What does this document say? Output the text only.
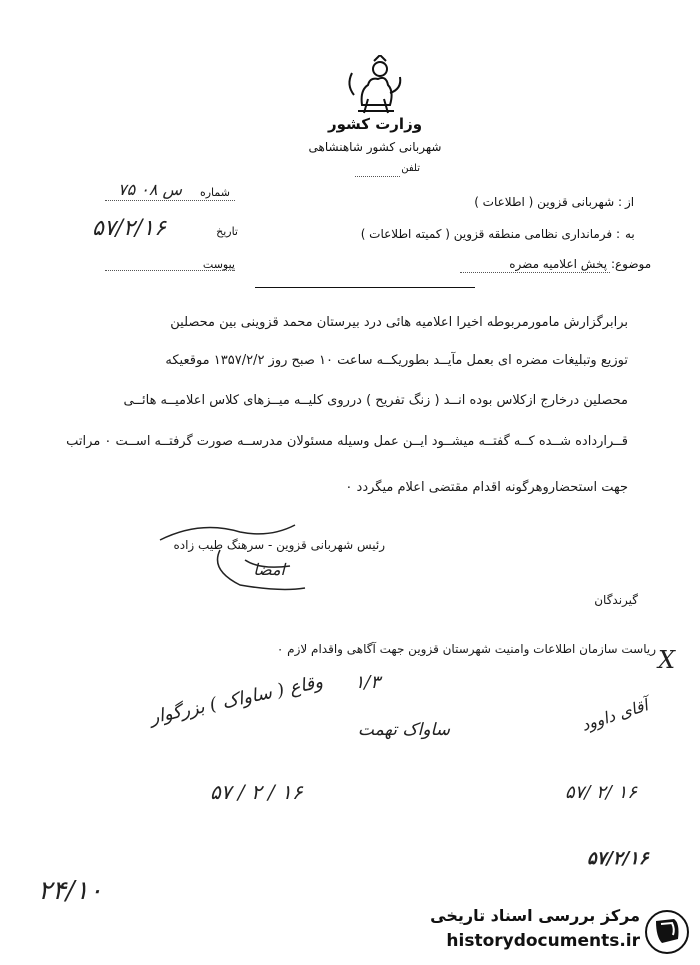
وزارت کشور
شهربانی کشور شاهنشاهی
تلفن
شماره
۷۵ س ۰۸
تاریخ
۵۷/۲/۱۶
پیوست
از
: شهربانی قزوین ( اطلاعات )
به
: فرمانداری نظامی منطقه قزوین ( کمیته اطلاعات )
موضوع
: پخش اعلامیه مضره
برابرگزارش مامورمربوطه اخیرا اعلامیه هائی درد بیرستان محمد قزوینی بین محصلین
توزیع وتبلیغات مضره ای بعمل مآیــد بطوریکــه ساعت ۱۰ صبح روز ۱۳۵۷/۲/۲ موقعیکه
محصلین درخارج ازکلاس بوده انــد ( زنگ تفریح ) درروی کلیــه میــزهای کلاس اعلامیــه هائــی
قــرارداده شــده کــه گفتــه میشــود ایــن عمل وسیله مسئولان مدرســه صورت گرفتــه اســت ۰ مراتب
جهت استحضاروهرگونه اقدام مقتضی اعلام میگردد ۰
رئیس شهربانی قزوین - سرهنگ طیب زاده
امضا
گیرندگان
ریاست سازمان اطلاعات وامنیت شهرستان قزوین جهت آگاهی واقدام لازم ۰ X
۱/۳
وقاع ( ساواک ) بزرگوار
ساواک تهمت
۵۷ / ۲ / ۱۶
آقای داوود
۵۷/ ۲/ ۱۶
۵۷/۲/۱۶
۲۴/۱۰
مرکز بررسی اسناد تاریخی
historydocuments.ir
